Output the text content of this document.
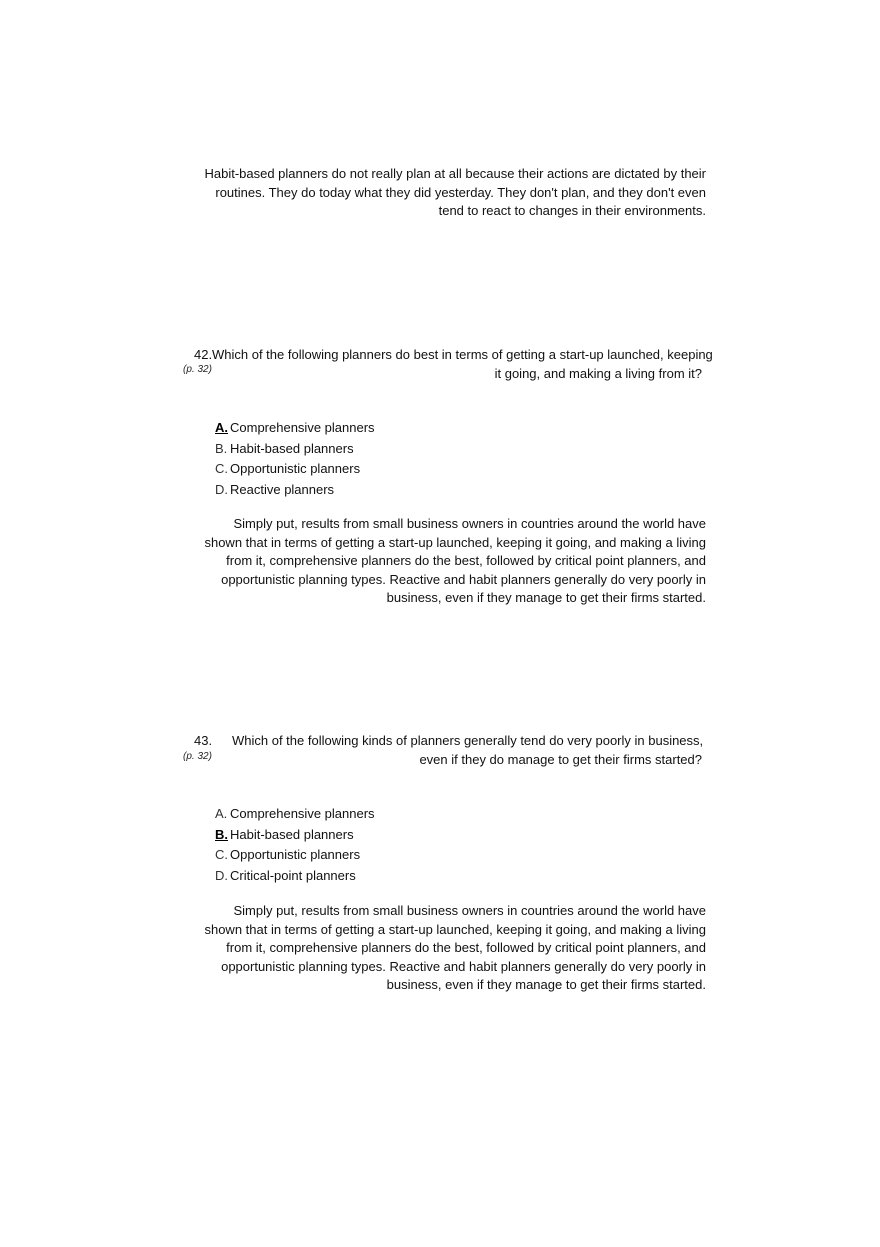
Habit-based planners do not really plan at all because their actions are dictated by their
routines. They do today what they did yesterday. They don't plan, and they don't even
tend to react to changes in their environments.
42. Which of the following planners do best in terms of getting a start-up launched, keeping
it going, and making a living from it?
(p. 32)
A. Comprehensive planners
B. Habit-based planners
C. Opportunistic planners
D. Reactive planners
Simply put, results from small business owners in countries around the world have
shown that in terms of getting a start-up launched, keeping it going, and making a living
from it, comprehensive planners do the best, followed by critical point planners, and
opportunistic planning types. Reactive and habit planners generally do very poorly in
business, even if they manage to get their firms started.
43. Which of the following kinds of planners generally tend do very poorly in business,
even if they do manage to get their firms started?
(p. 32)
A. Comprehensive planners
B. Habit-based planners
C. Opportunistic planners
D. Critical-point planners
Simply put, results from small business owners in countries around the world have
shown that in terms of getting a start-up launched, keeping it going, and making a living
from it, comprehensive planners do the best, followed by critical point planners, and
opportunistic planning types. Reactive and habit planners generally do very poorly in
business, even if they manage to get their firms started.
